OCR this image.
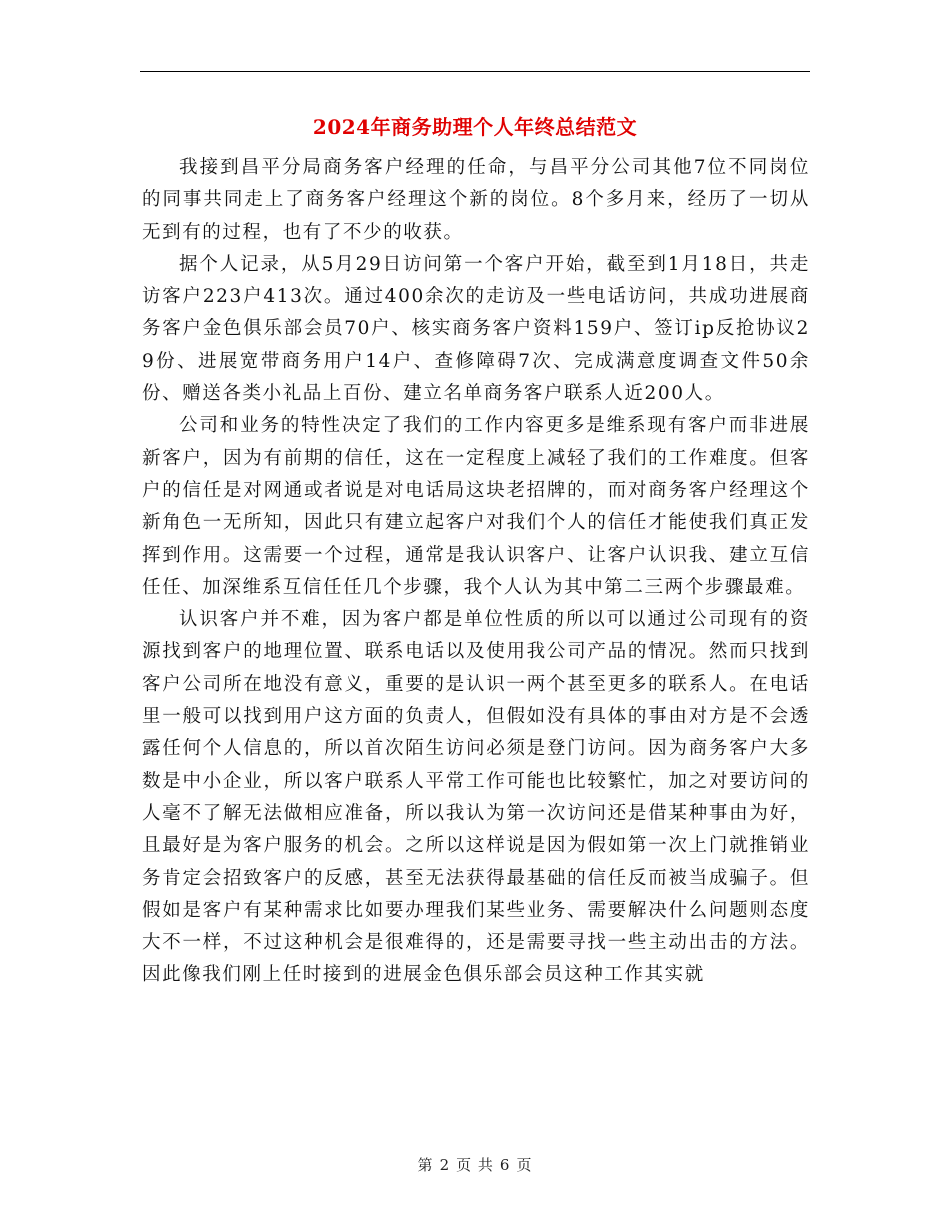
2024年商务助理个人年终总结范文

我接到昌平分局商务客户经理的任命，与昌平分公司其他7位不同岗位的同事共同走上了商务客户经理这个新的岗位。8个多月来，经历了一切从无到有的过程，也有了不少的收获。

据个人记录，从5月29日访问第一个客户开始，截至到1月18日，共走访客户223户413次。通过400余次的走访及一些电话访问，共成功进展商务客户金色俱乐部会员70户、核实商务客户资料159户、签订ip反抢协议29份、进展宽带商务用户14户、查修障碍7次、完成满意度调查文件50余份、赠送各类小礼品上百份、建立名单商务客户联系人近200人。

公司和业务的特性决定了我们的工作内容更多是维系现有客户而非进展新客户，因为有前期的信任，这在一定程度上减轻了我们的工作难度。但客户的信任是对网通或者说是对电话局这块老招牌的，而对商务客户经理这个新角色一无所知，因此只有建立起客户对我们个人的信任才能使我们真正发挥到作用。这需要一个过程，通常是我认识客户、让客户认识我、建立互信任任、加深维系互信任任几个步骤，我个人认为其中第二三两个步骤最难。

认识客户并不难，因为客户都是单位性质的所以可以通过公司现有的资源找到客户的地理位置、联系电话以及使用我公司产品的情况。然而只找到客户公司所在地没有意义，重要的是认识一两个甚至更多的联系人。在电话里一般可以找到用户这方面的负责人，但假如没有具体的事由对方是不会透露任何个人信息的，所以首次陌生访问必须是登门访问。因为商务客户大多数是中小企业，所以客户联系人平常工作可能也比较繁忙，加之对要访问的人毫不了解无法做相应准备，所以我认为第一次访问还是借某种事由为好，且最好是为客户服务的机会。之所以这样说是因为假如第一次上门就推销业务肯定会招致客户的反感，甚至无法获得最基础的信任反而被当成骗子。但假如是客户有某种需求比如要办理我们某些业务、需要解决什么问题则态度大不一样，不过这种机会是很难得的，还是需要寻找一些主动出击的方法。因此像我们刚上任时接到的进展金色俱乐部会员这种工作其实就

第 2 页 共 6 页
